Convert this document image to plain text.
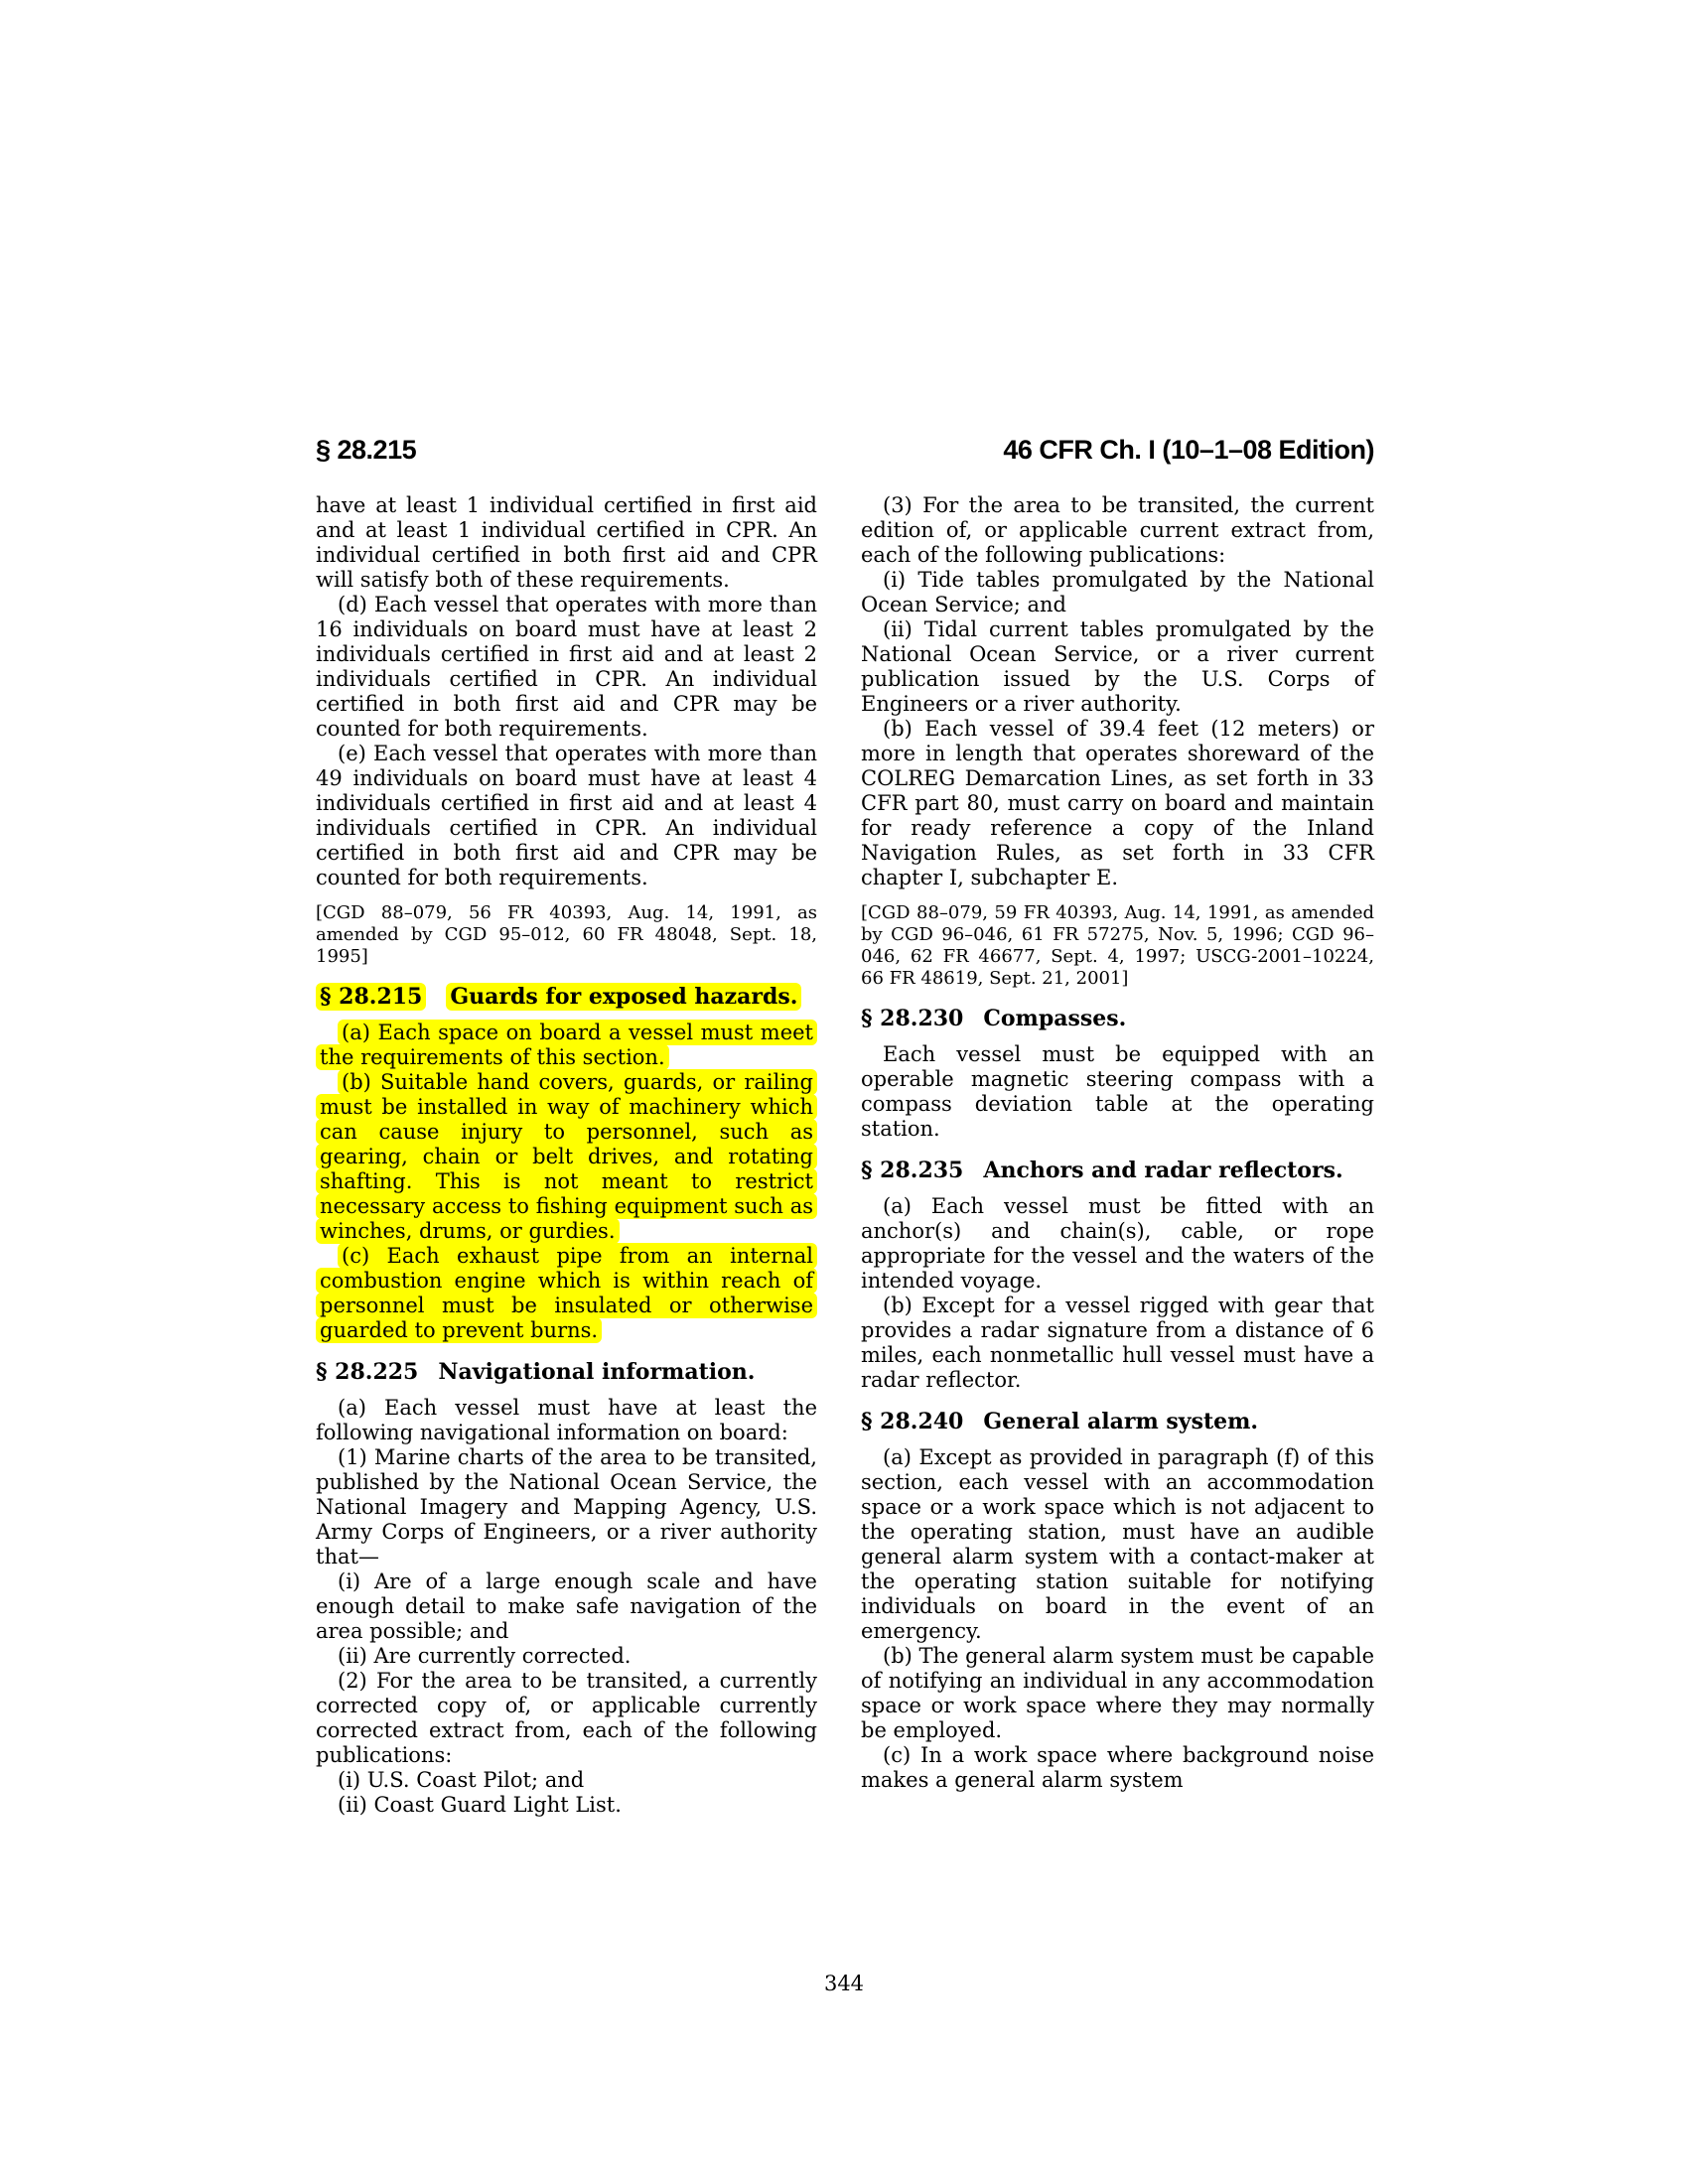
§ 28.215	46 CFR Ch. I (10–1–08 Edition)

have at least 1 individual certified in first aid and at least 1 individual certified in CPR. An individual certified in both first aid and CPR will satisfy both of these requirements.

(d) Each vessel that operates with more than 16 individuals on board must have at least 2 individuals certified in first aid and at least 2 individuals certified in CPR. An individual certified in both first aid and CPR may be counted for both requirements.

(e) Each vessel that operates with more than 49 individuals on board must have at least 4 individuals certified in first aid and at least 4 individuals certified in CPR. An individual certified in both first aid and CPR may be counted for both requirements.

[CGD 88–079, 56 FR 40393, Aug. 14, 1991, as amended by CGD 95–012, 60 FR 48048, Sept. 18, 1995]

§ 28.215 Guards for exposed hazards.

(a) Each space on board a vessel must meet the requirements of this section.

(b) Suitable hand covers, guards, or railing must be installed in way of machinery which can cause injury to personnel, such as gearing, chain or belt drives, and rotating shafting. This is not meant to restrict necessary access to fishing equipment such as winches, drums, or gurdies.

(c) Each exhaust pipe from an internal combustion engine which is within reach of personnel must be insulated or otherwise guarded to prevent burns.

§ 28.225 Navigational information.

(a) Each vessel must have at least the following navigational information on board:

(1) Marine charts of the area to be transited, published by the National Ocean Service, the National Imagery and Mapping Agency, U.S. Army Corps of Engineers, or a river authority that—

(i) Are of a large enough scale and have enough detail to make safe navigation of the area possible; and

(ii) Are currently corrected.

(2) For the area to be transited, a currently corrected copy of, or applicable currently corrected extract from, each of the following publications:

(i) U.S. Coast Pilot; and

(ii) Coast Guard Light List.

(3) For the area to be transited, the current edition of, or applicable current extract from, each of the following publications:

(i) Tide tables promulgated by the National Ocean Service; and

(ii) Tidal current tables promulgated by the National Ocean Service, or a river current publication issued by the U.S. Corps of Engineers or a river authority.

(b) Each vessel of 39.4 feet (12 meters) or more in length that operates shoreward of the COLREG Demarcation Lines, as set forth in 33 CFR part 80, must carry on board and maintain for ready reference a copy of the Inland Navigation Rules, as set forth in 33 CFR chapter I, subchapter E.

[CGD 88–079, 59 FR 40393, Aug. 14, 1991, as amended by CGD 96–046, 61 FR 57275, Nov. 5, 1996; CGD 96–046, 62 FR 46677, Sept. 4, 1997; USCG-2001–10224, 66 FR 48619, Sept. 21, 2001]

§ 28.230 Compasses.

Each vessel must be equipped with an operable magnetic steering compass with a compass deviation table at the operating station.

§ 28.235 Anchors and radar reflectors.

(a) Each vessel must be fitted with an anchor(s) and chain(s), cable, or rope appropriate for the vessel and the waters of the intended voyage.

(b) Except for a vessel rigged with gear that provides a radar signature from a distance of 6 miles, each nonmetallic hull vessel must have a radar reflector.

§ 28.240 General alarm system.

(a) Except as provided in paragraph (f) of this section, each vessel with an accommodation space or a work space which is not adjacent to the operating station, must have an audible general alarm system with a contact-maker at the operating station suitable for notifying individuals on board in the event of an emergency.

(b) The general alarm system must be capable of notifying an individual in any accommodation space or work space where they may normally be employed.

(c) In a work space where background noise makes a general alarm system

344
